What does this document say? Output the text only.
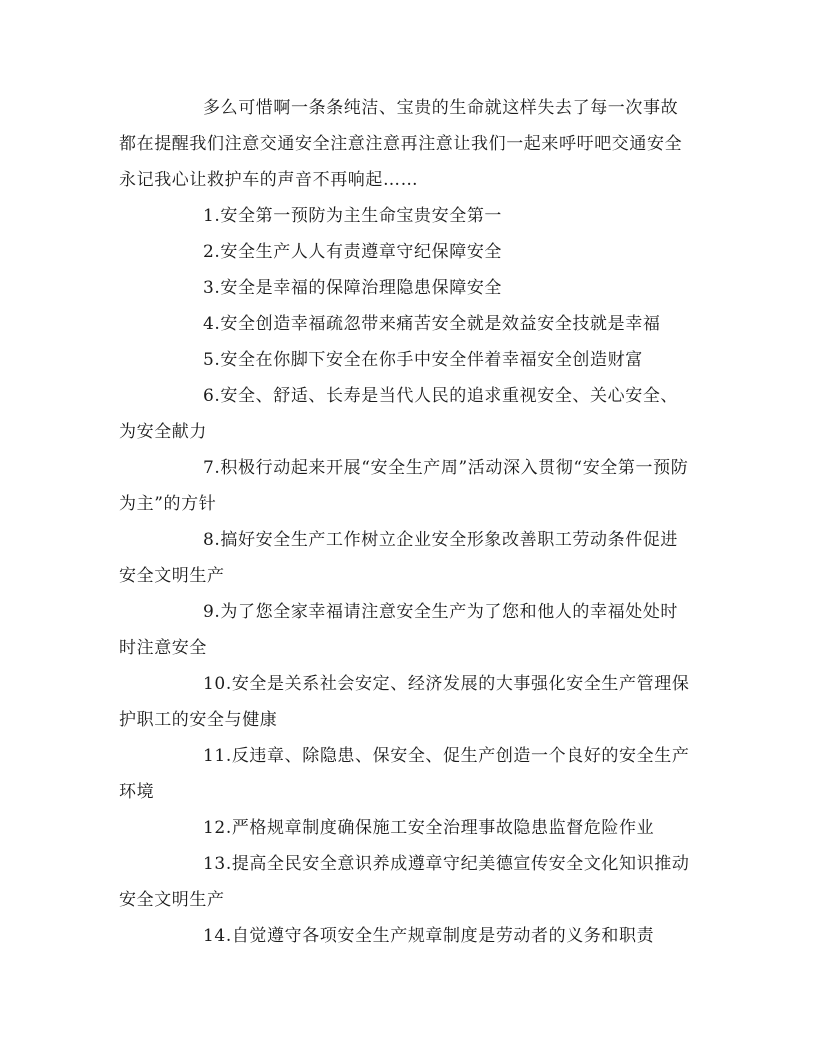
多么可惜啊一条条纯洁、宝贵的生命就这样失去了每一次事故都在提醒我们注意交通安全注意注意再注意让我们一起来呼吁吧交通安全永记我心让救护车的声音不再响起……

1.安全第一预防为主生命宝贵安全第一

2.安全生产人人有责遵章守纪保障安全

3.安全是幸福的保障治理隐患保障安全

4.安全创造幸福疏忽带来痛苦安全就是效益安全技就是幸福

5.安全在你脚下安全在你手中安全伴着幸福安全创造财富

6.安全、舒适、长寿是当代人民的追求重视安全、关心安全、为安全献力

7.积极行动起来开展“安全生产周”活动深入贯彻“安全第一预防为主”的方针

8.搞好安全生产工作树立企业安全形象改善职工劳动条件促进安全文明生产

9.为了您全家幸福请注意安全生产为了您和他人的幸福处处时时注意安全

10.安全是关系社会安定、经济发展的大事强化安全生产管理保护职工的安全与健康

11.反违章、除隐患、保安全、促生产创造一个良好的安全生产环境

12.严格规章制度确保施工安全治理事故隐患监督危险作业

13.提高全民安全意识养成遵章守纪美德宣传安全文化知识推动安全文明生产

14.自觉遵守各项安全生产规章制度是劳动者的义务和职责
